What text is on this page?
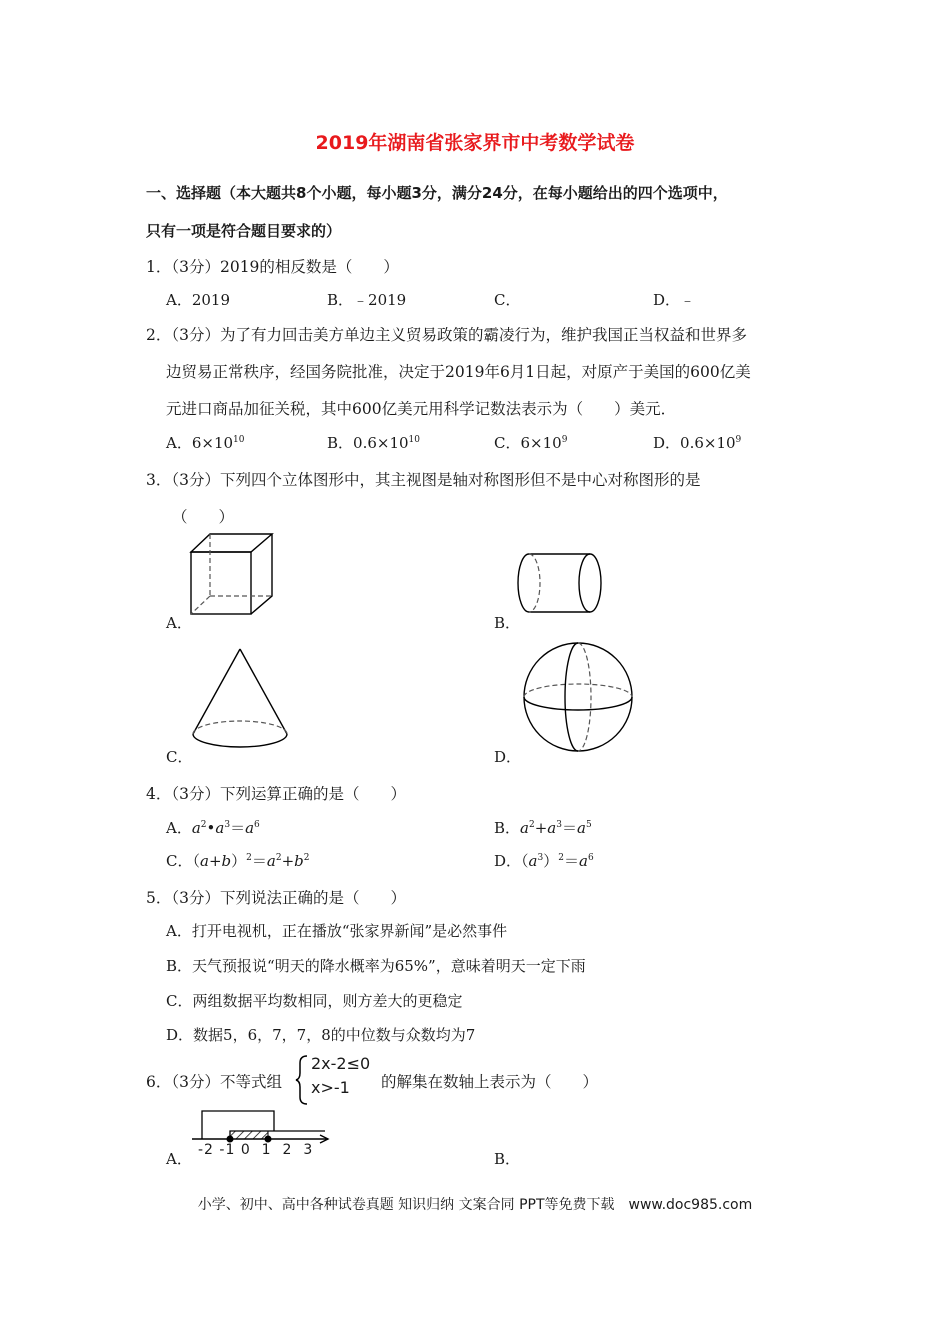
2019年湖南省张家界市中考数学试卷
一、选择题（本大题共8个小题，每小题3分，满分24分，在每小题给出的四个选项中，
只有一项是符合题目要求的）
1．（3分）2019的相反数是（　　）
A．2019	B．﹣2019	C．	D．﹣
2．（3分）为了有力回击美方单边主义贸易政策的霸凌行为，维护我国正当权益和世界多
边贸易正常秩序，经国务院批准，决定于2019年6月1日起，对原产于美国的600亿美
元进口商品加征关税，其中600亿美元用科学记数法表示为（　　）美元．
A．$6\times 10^{10}$	B．$0.6\times 10^{10}$	C．$6\times 10^9$	D．$0.6\times 10^9$
3．（3分）下列四个立体图形中，其主视图是轴对称图形但不是中心对称图形的是
（　　）
A．	B．
C．	D．
4．（3分）下列运算正确的是（　　）
A．$a^2•a^3=a^6$	B．$a^2+a^3=a^5$
C．$(a+b)^2=a^2+b^2$	D．$(a^3)^2=a^6$
5．（3分）下列说法正确的是（　　）
A．打开电视机，正在播放“张家界新闻”是必然事件
B．天气预报说“明天的降水概率为65%”，意味着明天一定下雨
C．两组数据平均数相同，则方差大的更稳定
D．数据5，6，7，7，8的中位数与众数均为7
6．（3分）不等式组
2x-2≤0
x>-1 的解集在数轴上表示为（　　）
-2 -1 0 1 2 3
A．	B．
小学、初中、高中各种试卷真题 知识归纳 文案合同 PPT等免费下载　www.doc985.com
